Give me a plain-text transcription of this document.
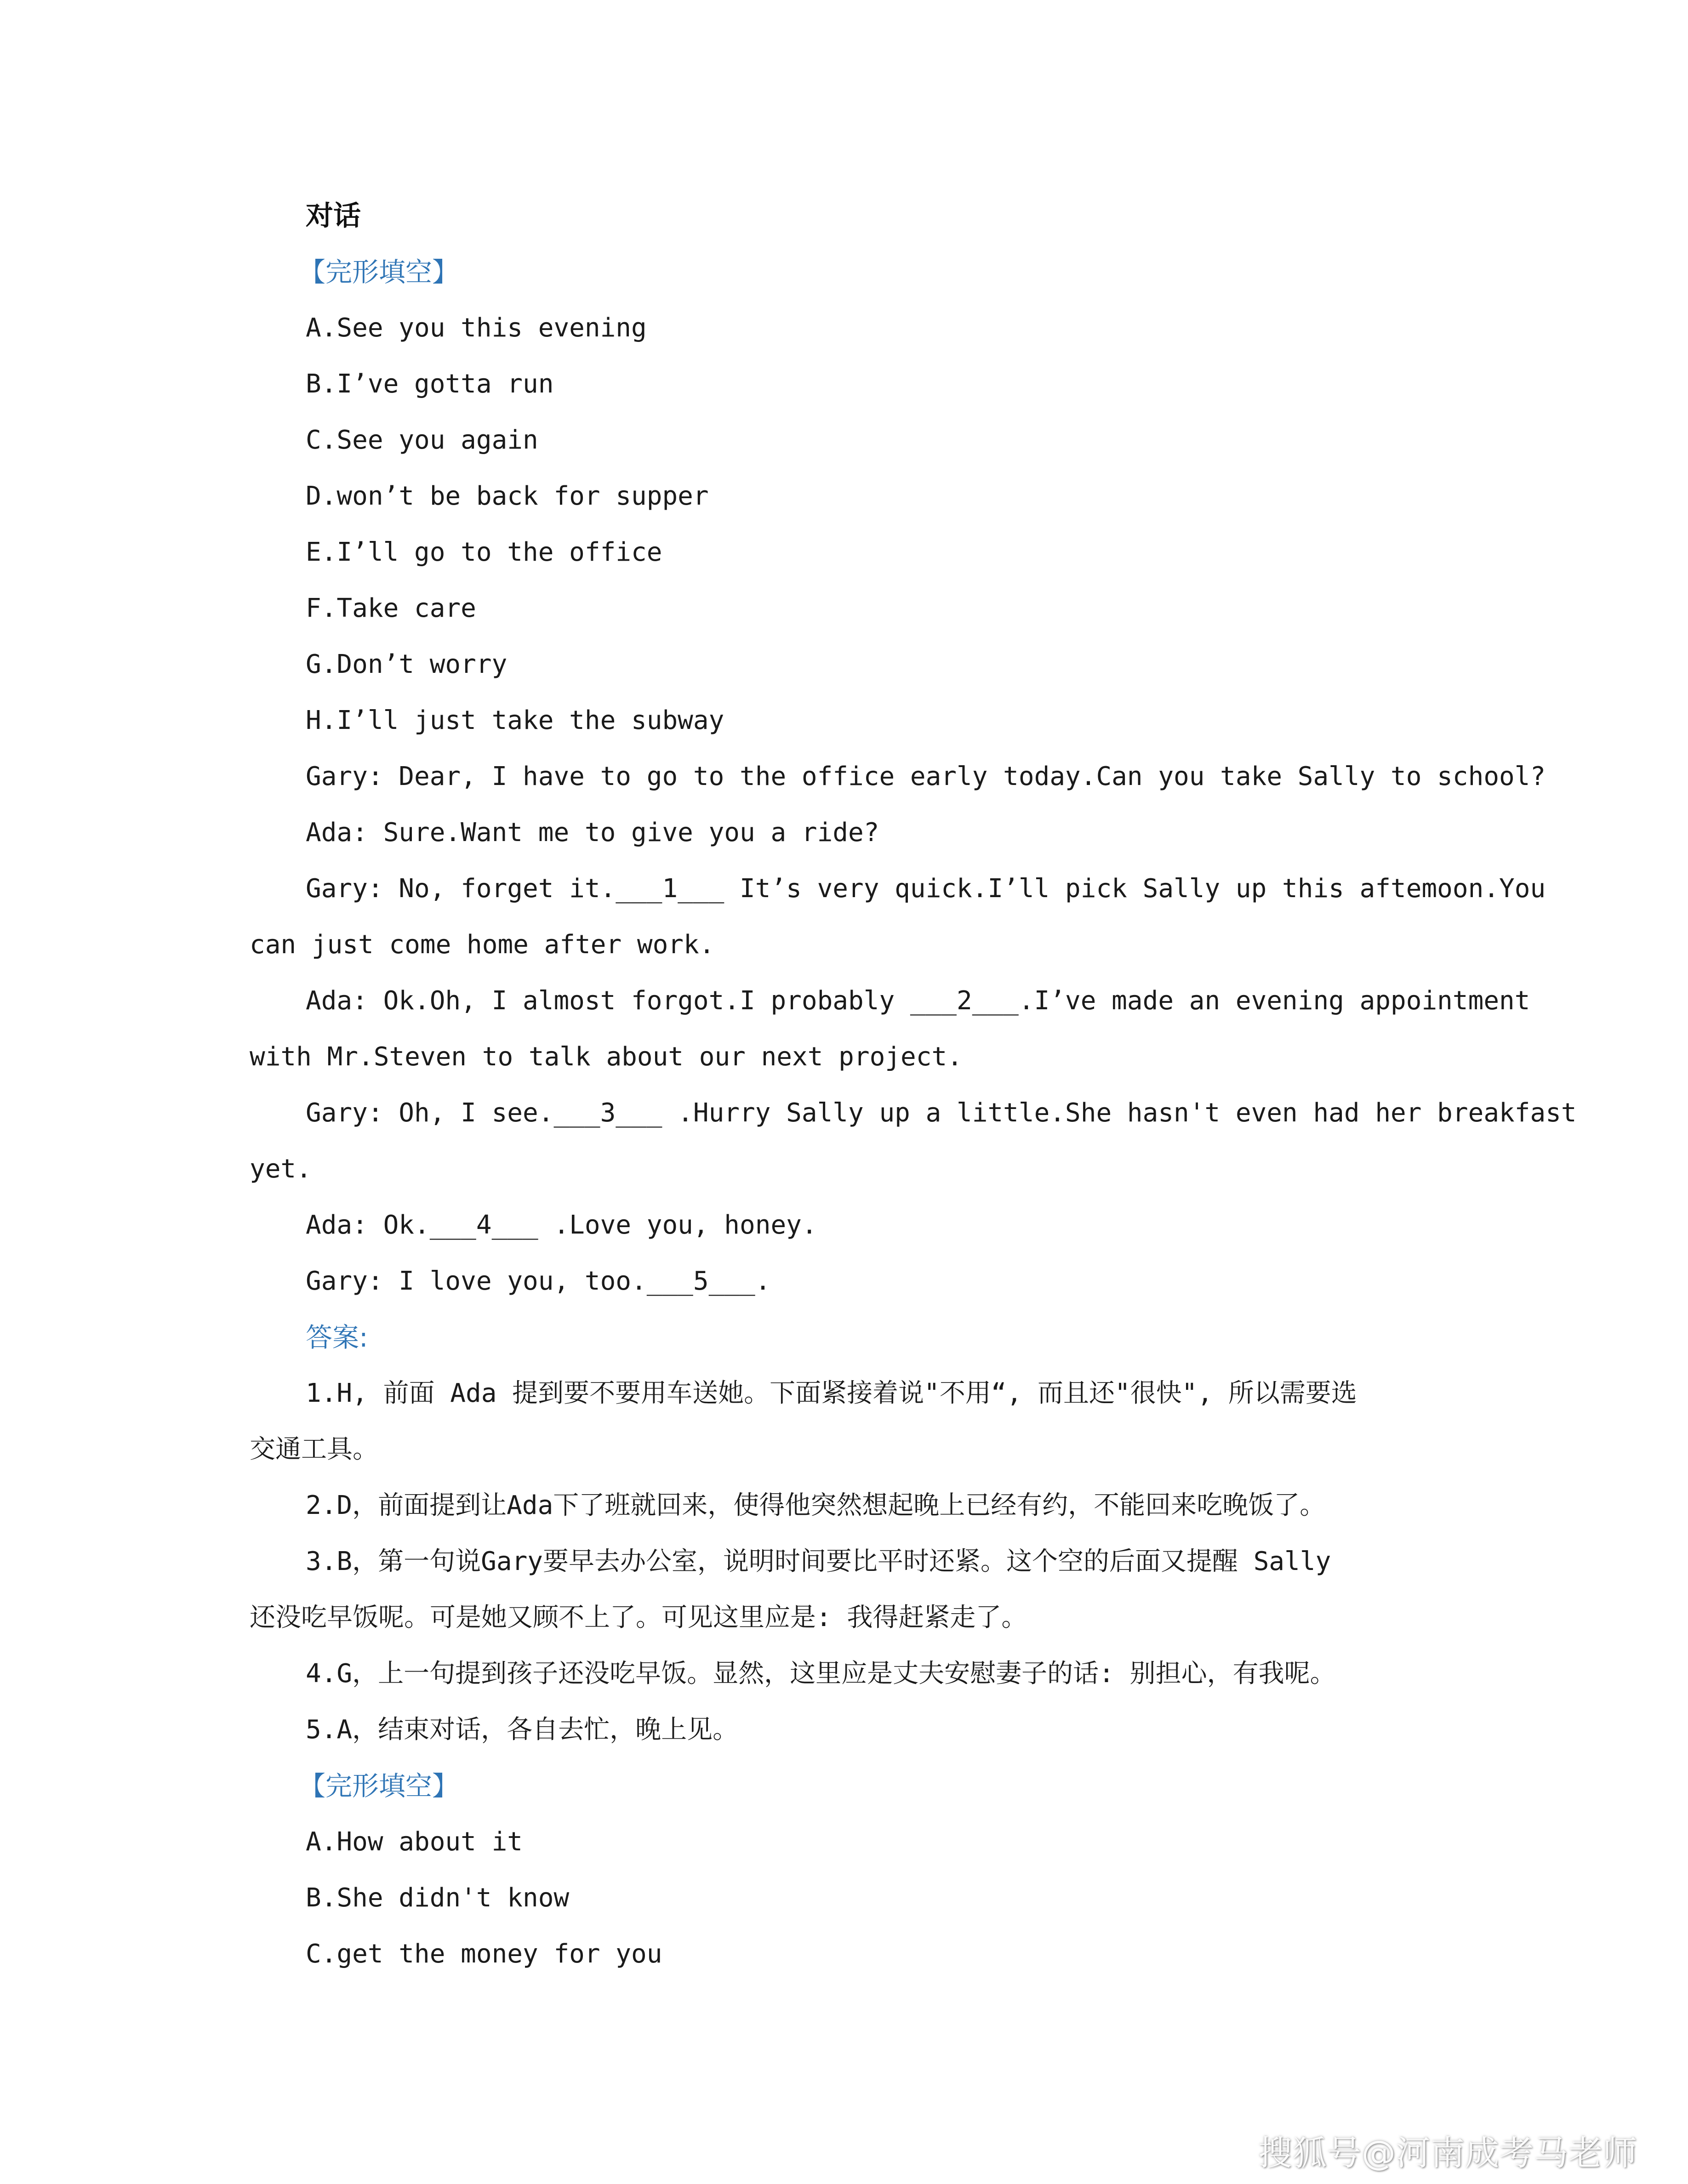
对话
【完形填空】
A.See you this evening
B.I’ve gotta run
C.See you again
D.won’t be back for supper
E.I’ll go to the office
F.Take care
G.Don’t worry
H.I’ll just take the subway
Gary: Dear, I have to go to the office early today.Can you take Sally to school?
Ada: Sure.Want me to give you a ride?
Gary: No, forget it.___1___ It’s very quick.I’ll pick Sally up this aftemoon.You
can just come home after work.
Ada: Ok.Oh, I almost forgot.I probably ___2___.I’ve made an evening appointment
with Mr.Steven to talk about our next project.
Gary: Oh, I see.___3___ .Hurry Sally up a little.She hasn't even had her breakfast
yet.
Ada: Ok.___4___ .Love you, honey.
Gary: I love you, too.___5___.
答案:
1.H, 前面 Ada 提到要不要用车送她。下面紧接着说"不用“, 而且还"很快", 所以需要选
交通工具。
2.D，前面提到让Ada下了班就回来，使得他突然想起晚上已经有约，不能回来吃晚饭了。
3.B，第一句说Gary要早去办公室，说明时间要比平时还紧。这个空的后面又提醒 Sally
还没吃早饭呢。可是她又顾不上了。可见这里应是: 我得赶紧走了。
4.G，上一句提到孩子还没吃早饭。显然，这里应是丈夫安慰妻子的话: 别担心，有我呢。
5.A，结束对话，各自去忙，晚上见。
【完形填空】
A.How about it
B.She didn't know
C.get the money for you
搜狐号@河南成考马老师
